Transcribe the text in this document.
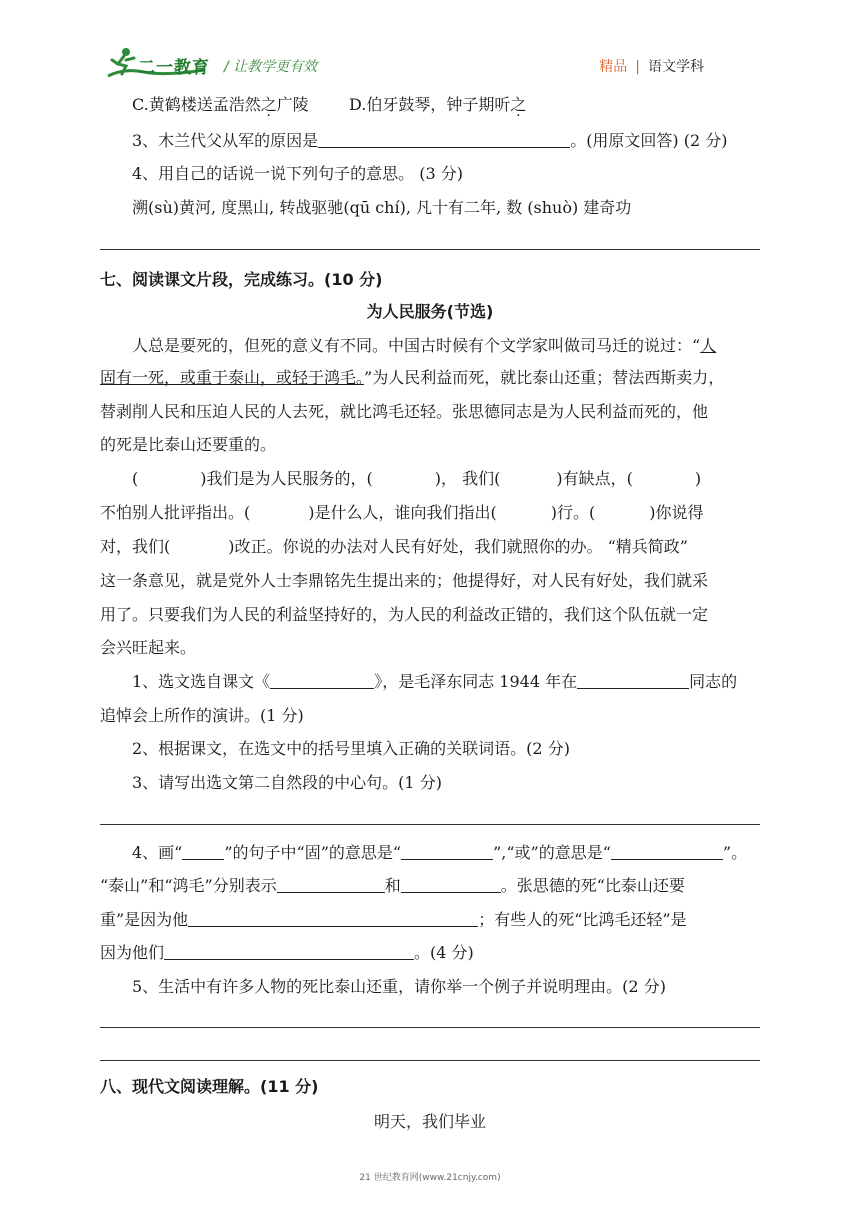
二一教育 / 让教学更有效	精品 | 语文学科
C.黄鹤楼送孟浩然之广陵	D.伯牙鼓琴，钟子期听之
3、木兰代父从军的原因是	。(用原文回答) (2 分)
4、用自己的话说一说下列句子的意思。 (3 分)
溯(sù)黄河, 度黑山, 转战驱驰(qū chí), 凡十有二年, 数 (shuò) 建奇功
七、阅读课文片段，完成练习。(10 分)
为人民服务(节选)
人总是要死的，但死的意义有不同。中国古时候有个文学家叫做司马迁的说过：“人
固有一死，或重于泰山，或轻于鸿毛。”为人民利益而死，就比泰山还重；替法西斯卖力，
替剥削人民和压迫人民的人去死，就比鸿毛还轻。张思德同志是为人民利益而死的，他
的死是比泰山还要重的。
(	)我们是为人民服务的，(	)， 我们(	)有缺点，(	)
不怕别人批评指出。(	)是什么人，谁向我们指出(	)行。(	)你说得
对，我们(	)改正。你说的办法对人民有好处，我们就照你的办。 “精兵简政”
这一条意见，就是党外人士李鼎铭先生提出来的；他提得好，对人民有好处，我们就采
用了。只要我们为人民的利益坚持好的，为人民的利益改正错的，我们这个队伍就一定
会兴旺起来。
1、选文选自课文《	》，是毛泽东同志 1944 年在	同志的
追悼会上所作的演讲。(1 分)
2、根据课文，在选文中的括号里填入正确的关联词语。(2 分)
3、请写出选文第二自然段的中心句。(1 分)
4、画“	”的句子中“固”的意思是“	”,“或”的意思是“	”。
“泰山”和“鸿毛”分别表示	和	。张思德的死“比泰山还要
重”是因为他	；有些人的死“比鸿毛还轻”是
因为他们	。(4 分)
5、生活中有许多人物的死比泰山还重，请你举一个例子并说明理由。(2 分)
八、现代文阅读理解。(11 分)
明天，我们毕业
21 世纪教育网(www.21cnjy.com)
